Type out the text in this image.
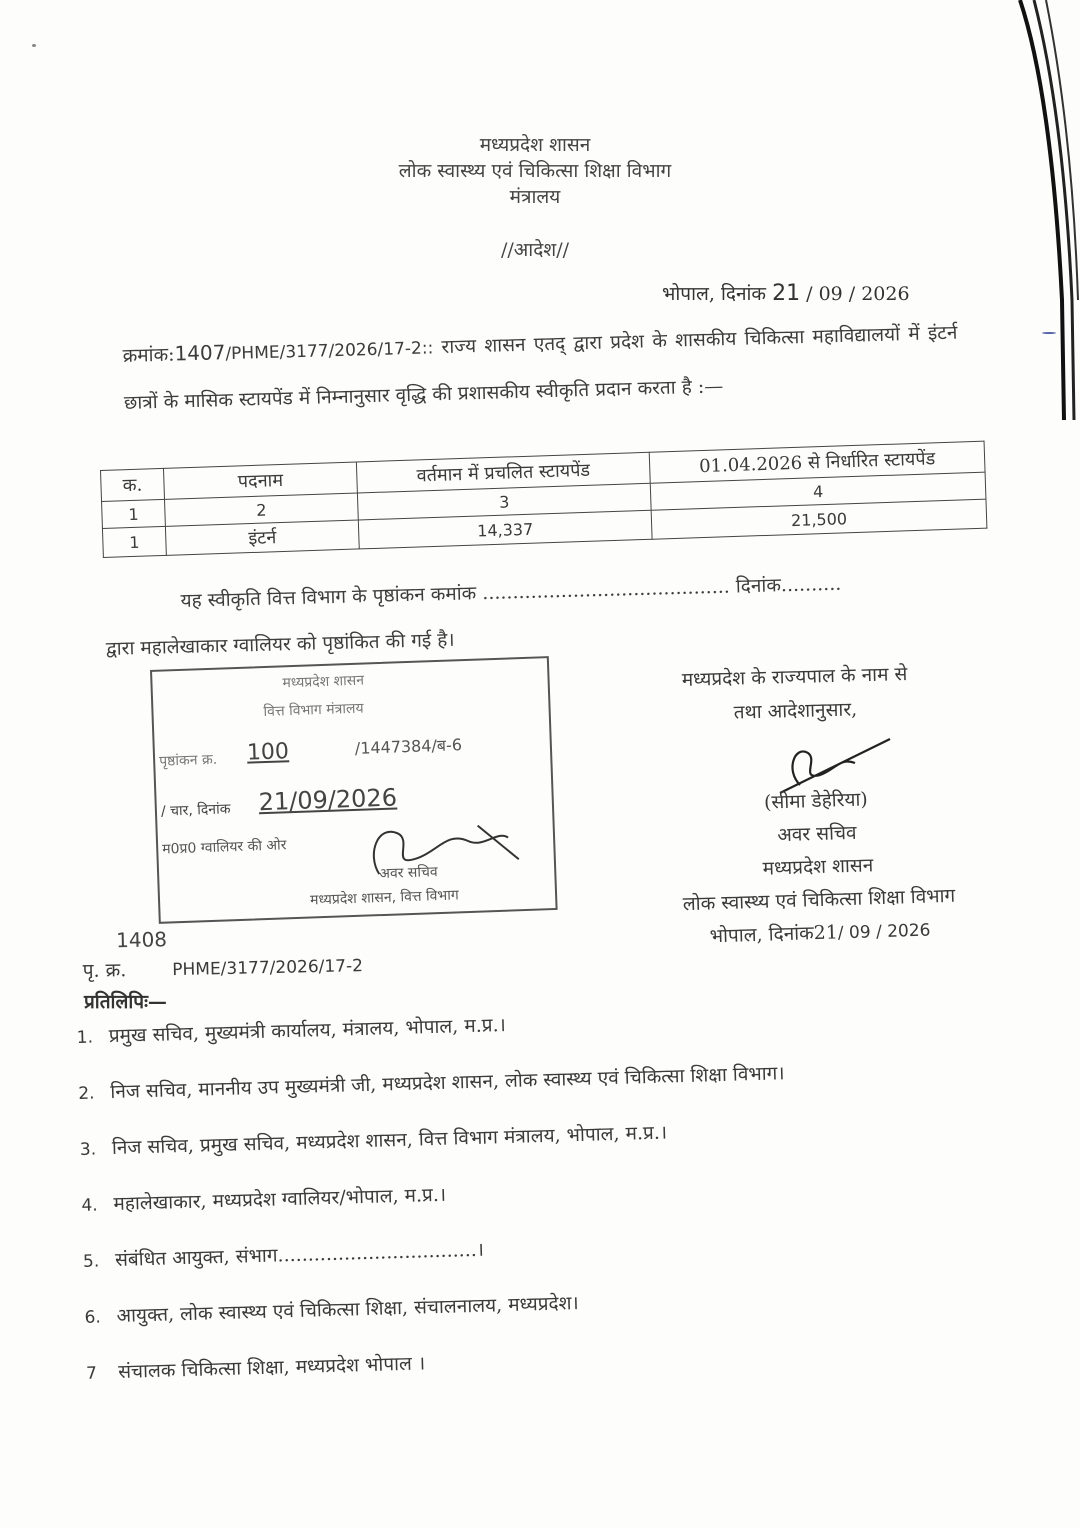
मध्यप्रदेश शासन
लोक स्वास्थ्य एवं चिकित्सा शिक्षा विभाग
मंत्रालय
//आदेश//
भोपाल, दिनांक 21 / 09 / 2026
क्रमांक:1407/PHME/3177/2026/17-2:: राज्य शासन एतद् द्वारा प्रदेश के शासकीय चिकित्सा महाविद्यालयों में इंटर्न छात्रों के मासिक स्टायपेंड में निम्नानुसार वृद्धि की प्रशासकीय स्वीकृति प्रदान करता है :—
क.	पदनाम	वर्तमान में प्रचलित स्टायपेंड	01.04.2026 से निर्धारित स्टायपेंड
1	2	3	4
1	इंटर्न	14,337	21,500
यह स्वीकृति वित्त विभाग के पृष्ठांकन कमांक ......................................... दिनांक..........
द्वारा महालेखाकार ग्वालियर को पृष्ठांकित की गई है।
मध्यप्रदेश शासन
वित्त विभाग मंत्रालय
पृष्ठांकन क्र. 100	/1447384/ब-6
/ चार, दिनांक 21/09/2026
म0प्र0 ग्वालियर की ओर
अवर सचिव
मध्यप्रदेश शासन, वित्त विभाग
मध्यप्रदेश के राज्यपाल के नाम से
तथा आदेशानुसार,
(सीमा डेहेरिया)
अवर सचिव
मध्यप्रदेश शासन
लोक स्वास्थ्य एवं चिकित्सा शिक्षा विभाग
भोपाल, दिनांक21/ 09 / 2026
1408
पृ. क्र.	PHME/3177/2026/17-2
प्रतिलिपिः—
1. प्रमुख सचिव, मुख्यमंत्री कार्यालय, मंत्रालय, भोपाल, म.प्र.।
2. निज सचिव, माननीय उप मुख्यमंत्री जी, मध्यप्रदेश शासन, लोक स्वास्थ्य एवं चिकित्सा शिक्षा विभाग।
3. निज सचिव, प्रमुख सचिव, मध्यप्रदेश शासन, वित्त विभाग मंत्रालय, भोपाल, म.प्र.।
4. महालेखाकार, मध्यप्रदेश ग्वालियर/भोपाल, म.प्र.।
5. संबंधित आयुक्त, संभाग.................................।
6. आयुक्त, लोक स्वास्थ्य एवं चिकित्सा शिक्षा, संचालनालय, मध्यप्रदेश।
7 संचालक चिकित्सा शिक्षा, मध्यप्रदेश भोपाल ।
